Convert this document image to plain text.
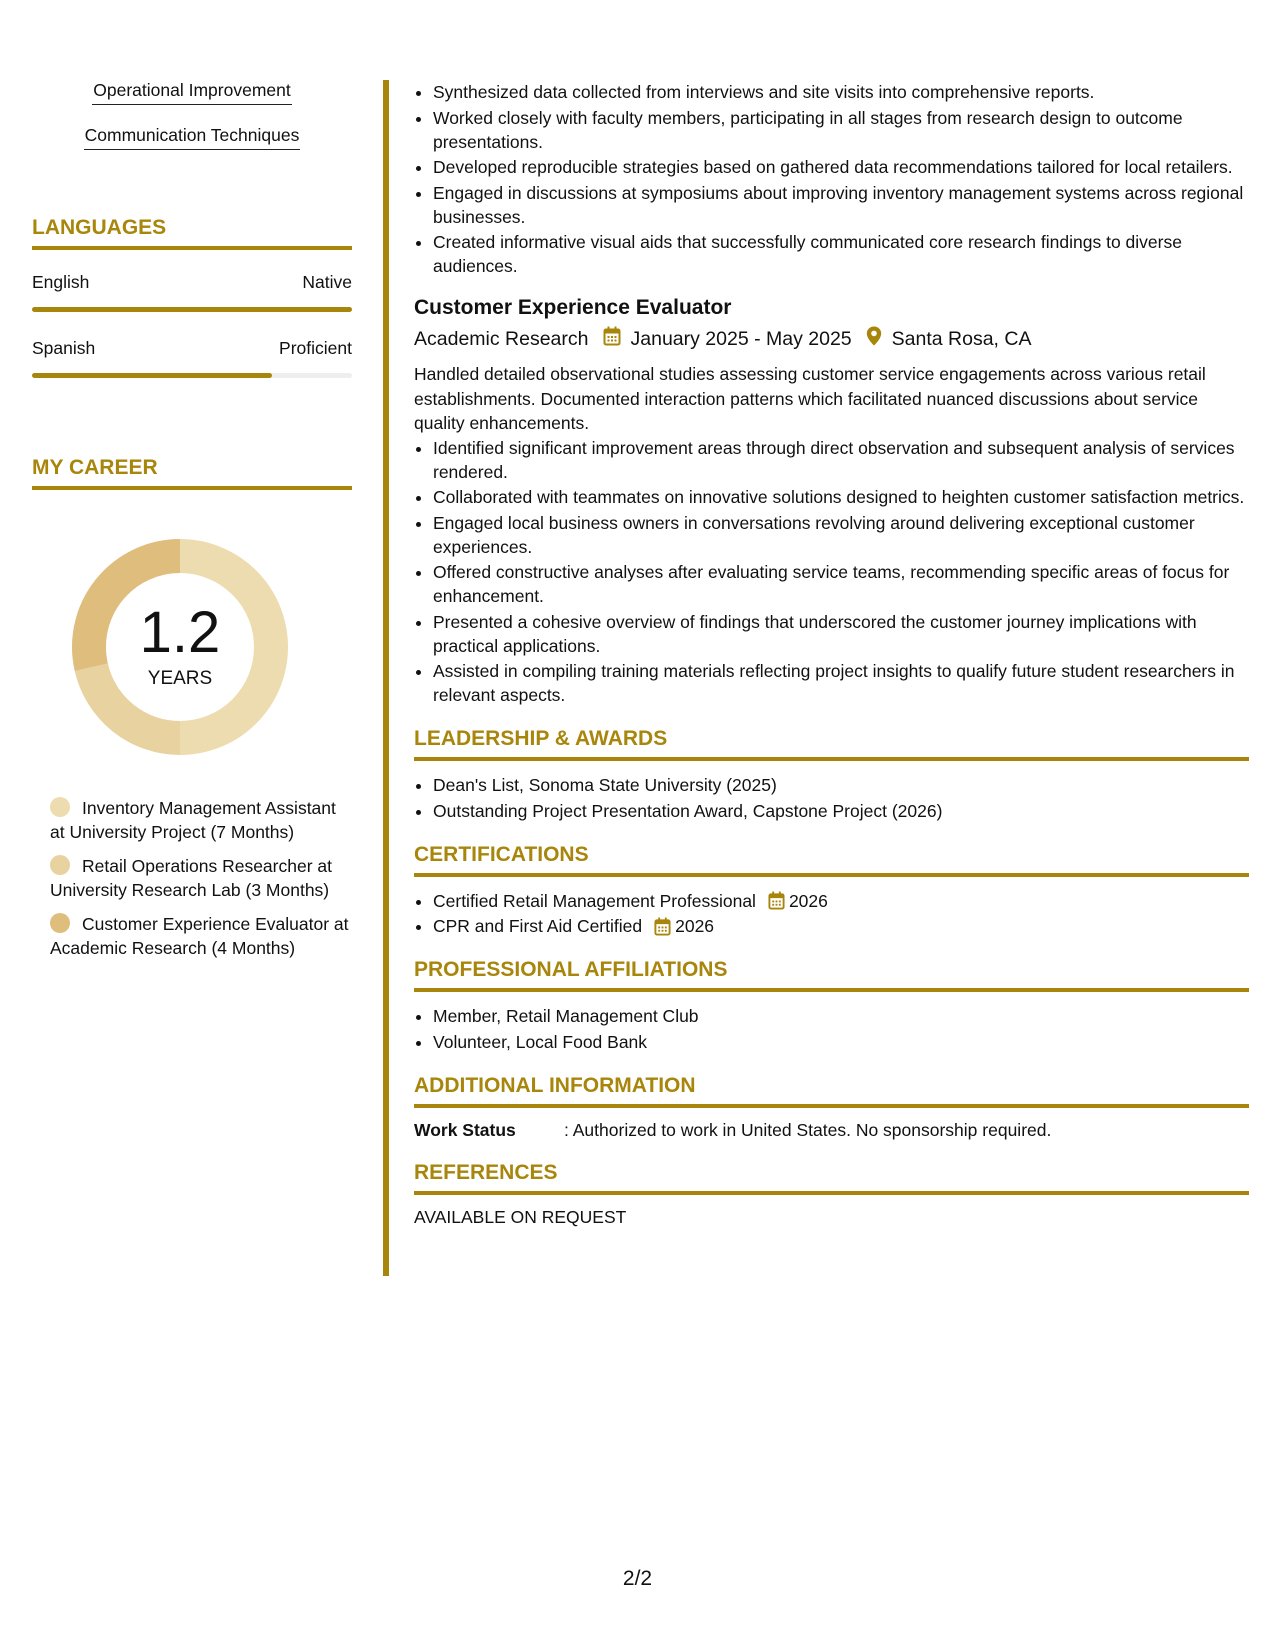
Operational Improvement
Communication Techniques
LANGUAGES
English	Native
Spanish	Proficient
MY CAREER
1.2
YEARS
Inventory Management Assistant at University Project (7 Months)
Retail Operations Researcher at University Research Lab (3 Months)
Customer Experience Evaluator at Academic Research (4 Months)
• Synthesized data collected from interviews and site visits into comprehensive reports.
• Worked closely with faculty members, participating in all stages from research design to outcome presentations.
• Developed reproducible strategies based on gathered data recommendations tailored for local retailers.
• Engaged in discussions at symposiums about improving inventory management systems across regional businesses.
• Created informative visual aids that successfully communicated core research findings to diverse audiences.
Customer Experience Evaluator
Academic Research January 2025 - May 2025 Santa Rosa, CA
Handled detailed observational studies assessing customer service engagements across various retail establishments. Documented interaction patterns which facilitated nuanced discussions about service quality enhancements.
• Identified significant improvement areas through direct observation and subsequent analysis of services rendered.
• Collaborated with teammates on innovative solutions designed to heighten customer satisfaction metrics.
• Engaged local business owners in conversations revolving around delivering exceptional customer experiences.
• Offered constructive analyses after evaluating service teams, recommending specific areas of focus for enhancement.
• Presented a cohesive overview of findings that underscored the customer journey implications with practical applications.
• Assisted in compiling training materials reflecting project insights to qualify future student researchers in relevant aspects.
LEADERSHIP & AWARDS
• Dean's List, Sonoma State University (2025)
• Outstanding Project Presentation Award, Capstone Project (2026)
CERTIFICATIONS
• Certified Retail Management Professional 2026
• CPR and First Aid Certified 2026
PROFESSIONAL AFFILIATIONS
• Member, Retail Management Club
• Volunteer, Local Food Bank
ADDITIONAL INFORMATION
Work Status	: Authorized to work in United States. No sponsorship required.
REFERENCES
AVAILABLE ON REQUEST
2/2
